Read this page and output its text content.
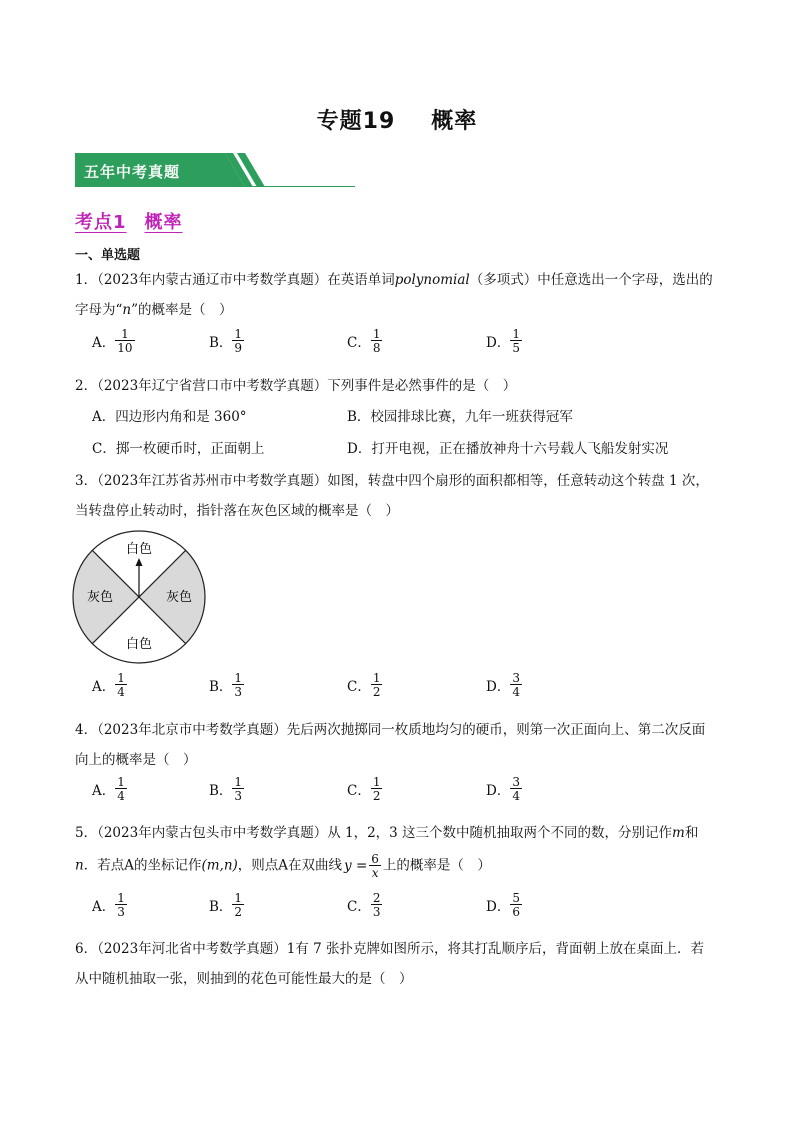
专题19 概率
五年中考真题
考点1 概率
一、单选题
1．（2023年内蒙古通辽市中考数学真题）在英语单词polynomial（多项式）中任意选出一个字母，选出的
字母为“n”的概率是（　）
A． $\frac{1}{10}$	B． $\frac{1}{9}$	C． $\frac{1}{8}$	D． $\frac{1}{5}$
2．（2023年辽宁省营口市中考数学真题）下列事件是必然事件的是（　）
A．四边形内角和是 360°	B．校园排球比赛，九年一班获得冠军
C．掷一枚硬币时，正面朝上	D．打开电视，正在播放神舟十六号载人飞船发射实况
3．（2023年江苏省苏州市中考数学真题）如图，转盘中四个扇形的面积都相等，任意转动这个转盘 1 次，
当转盘停止转动时，指针落在灰色区域的概率是（　）
白色
白色
灰色	灰色
A． $\frac{1}{4}$	B． $\frac{1}{3}$	C． $\frac{1}{2}$	D． $\frac{3}{4}$
4．（2023年北京市中考数学真题）先后两次抛掷同一枚质地均匀的硬币，则第一次正面向上、第二次反面
向上的概率是（　）
A． $\frac{1}{4}$	B． $\frac{1}{3}$	C． $\frac{1}{2}$	D． $\frac{3}{4}$
5．（2023年内蒙古包头市中考数学真题）从 1，2，3 这三个数中随机抽取两个不同的数，分别记作m和
n．若点A的坐标记作(m,n)，则点A在双曲线 $y = \frac{6}{x}$ 上的概率是（　）
A． $\frac{1}{3}$	B． $\frac{1}{2}$	C． $\frac{2}{3}$	D． $\frac{5}{6}$
6．（2023年河北省中考数学真题）1有 7 张扑克牌如图所示，将其打乱顺序后，背面朝上放在桌面上．若
从中随机抽取一张，则抽到的花色可能性最大的是（　）
